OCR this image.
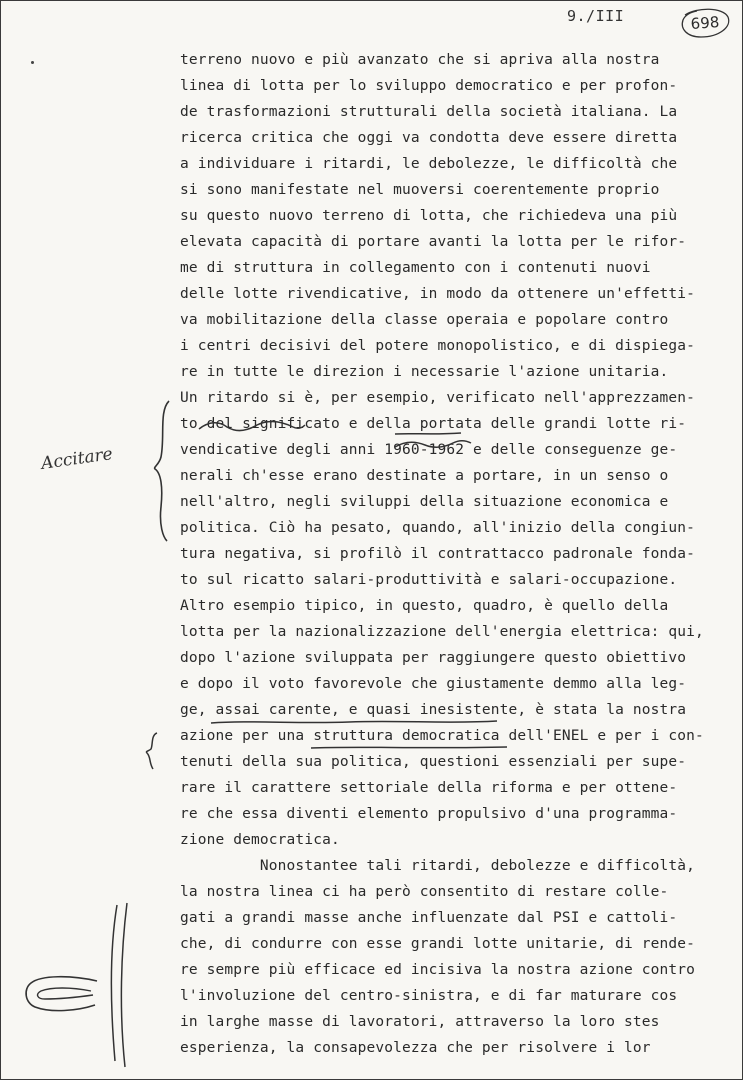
9./III	698
terreno nuovo e più avanzato che si apriva alla nostra
linea di lotta per lo sviluppo democratico e per profon-
de trasformazioni strutturali della società italiana. La
ricerca critica che oggi va condotta deve essere diretta
a individuare i ritardi, le debolezze, le difficoltà che
si sono manifestate nel muoversi coerentemente proprio
su questo nuovo terreno di lotta, che richiedeva una più
elevata capacità di portare avanti la lotta per le rifor-
me di struttura in collegamento con i contenuti nuovi
delle lotte rivendicative, in modo da ottenere un'effetti-
va mobilitazione della classe operaia e popolare contro
i centri decisivi del potere monopolistico, e di dispiega-
re in tutte le direzion i necessarie l'azione unitaria.
Un ritardo si è, per esempio, verificato nell'apprezzamen-
to del significato e della portata delle grandi lotte ri-
vendicative degli anni 1960-1962 e delle conseguenze ge-
nerali ch'esse erano destinate a portare, in un senso o
nell'altro, negli sviluppi della situazione economica e
politica. Ciò ha pesato, quando, all'inizio della congiun-
tura negativa, si profilò il contrattacco padronale fonda-
to sul ricatto salari-produttività e salari-occupazione.
Altro esempio tipico, in questo, quadro, è quello della
lotta per la nazionalizzazione dell'energia elettrica: qui,
dopo l'azione sviluppata per raggiungere questo obiettivo
e dopo il voto favorevole che giustamente demmo alla leg-
ge, assai carente, e quasi inesistente, è stata la nostra
azione per una struttura democratica dell'ENEL e per i con-
tenuti della sua politica, questioni essenziali per supe-
rare il carattere settoriale della riforma e per ottene-
re che essa diventi elemento propulsivo d'una programma-
zione democratica.
Nonostantee tali ritardi, debolezze e difficoltà,
la nostra linea ci ha però consentito di restare colle-
gati a grandi masse anche influenzate dal PSI e cattoli-
che, di condurre con esse grandi lotte unitarie, di rende-
re sempre più efficace ed incisiva la nostra azione contro
l'involuzione del centro-sinistra, e di far maturare cos
in larghe masse di lavoratori, attraverso la loro stes
esperienza, la consapevolezza che per risolvere i lor
Accitare
